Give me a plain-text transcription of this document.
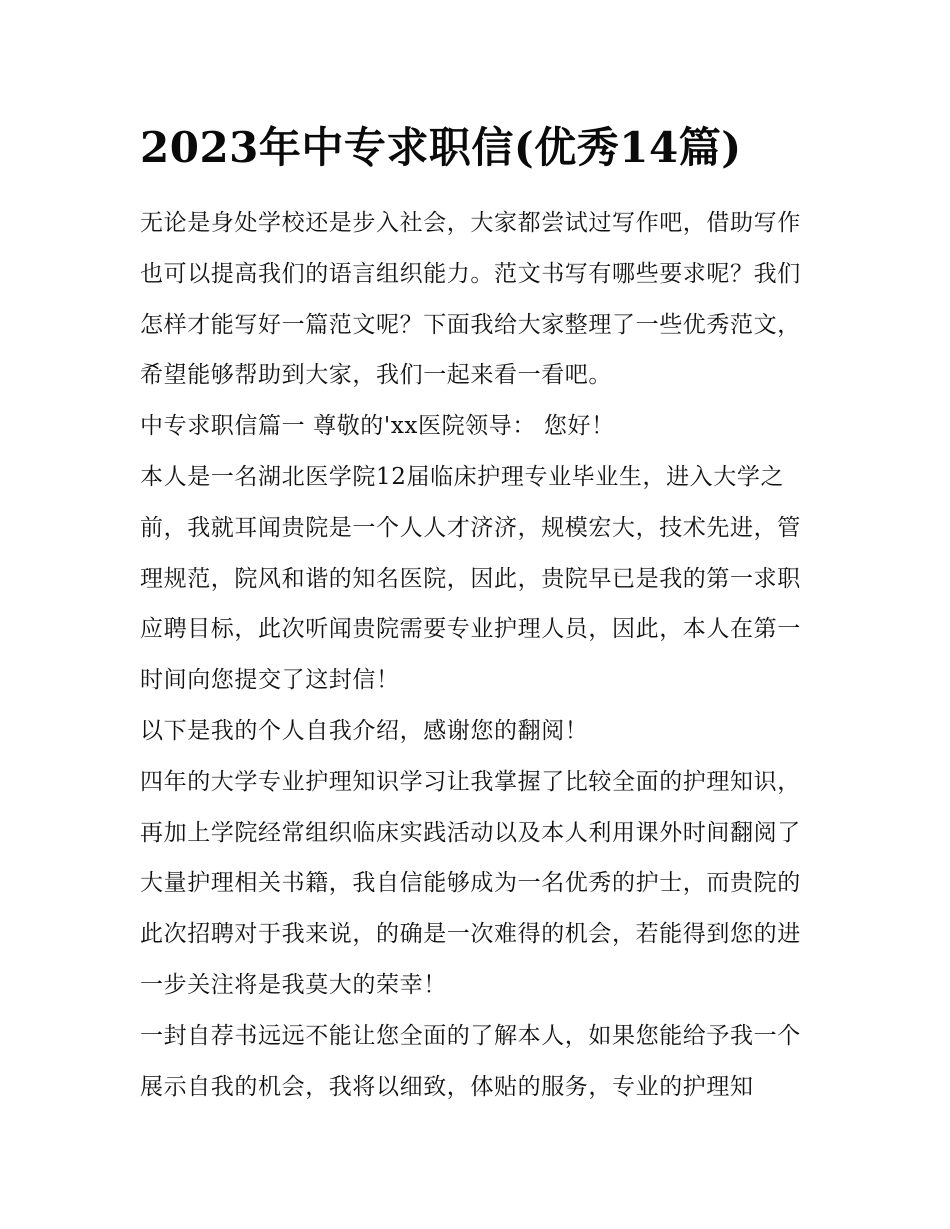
2023年中专求职信(优秀14篇)

无论是身处学校还是步入社会，大家都尝试过写作吧，借助写作也可以提高我们的语言组织能力。范文书写有哪些要求呢？我们怎样才能写好一篇范文呢？下面我给大家整理了一些优秀范文，希望能够帮助到大家，我们一起来看一看吧。

中专求职信篇一 尊敬的'xx医院领导： 您好！

本人是一名湖北医学院12届临床护理专业毕业生，进入大学之前，我就耳闻贵院是一个人人才济济，规模宏大，技术先进，管理规范，院风和谐的知名医院，因此，贵院早已是我的第一求职应聘目标，此次听闻贵院需要专业护理人员，因此，本人在第一时间向您提交了这封信！

以下是我的个人自我介绍，感谢您的翻阅！

四年的大学专业护理知识学习让我掌握了比较全面的护理知识，再加上学院经常组织临床实践活动以及本人利用课外时间翻阅了大量护理相关书籍，我自信能够成为一名优秀的护士，而贵院的此次招聘对于我来说，的确是一次难得的机会，若能得到您的进一步关注将是我莫大的荣幸！

一封自荐书远远不能让您全面的了解本人，如果您能给予我一个展示自我的机会，我将以细致，体贴的服务，专业的护理知
